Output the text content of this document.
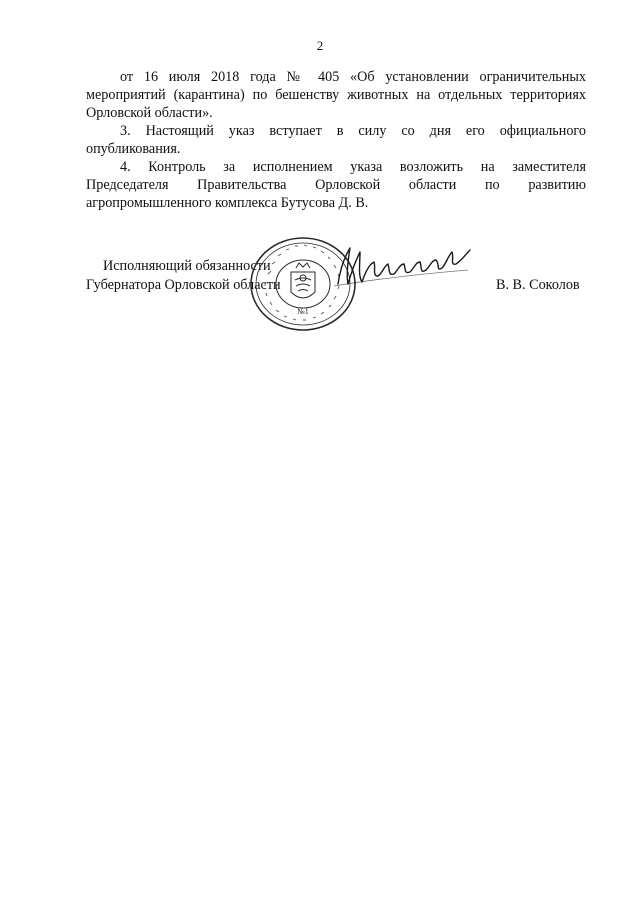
2

от 16 июля 2018 года № 405 «Об установлении ограничительных
мероприятий (карантина) по бешенству животных на отдельных территориях
Орловской области».

3. Настоящий указ вступает в силу со дня его официального
опубликования.

4. Контроль за исполнением указа возложить на заместителя
Председателя Правительства Орловской области по развитию
агропромышленного комплекса Бутусова Д. В.

Исполняющий обязанности
Губернатора Орловской области	В. В. Соколов
№1
